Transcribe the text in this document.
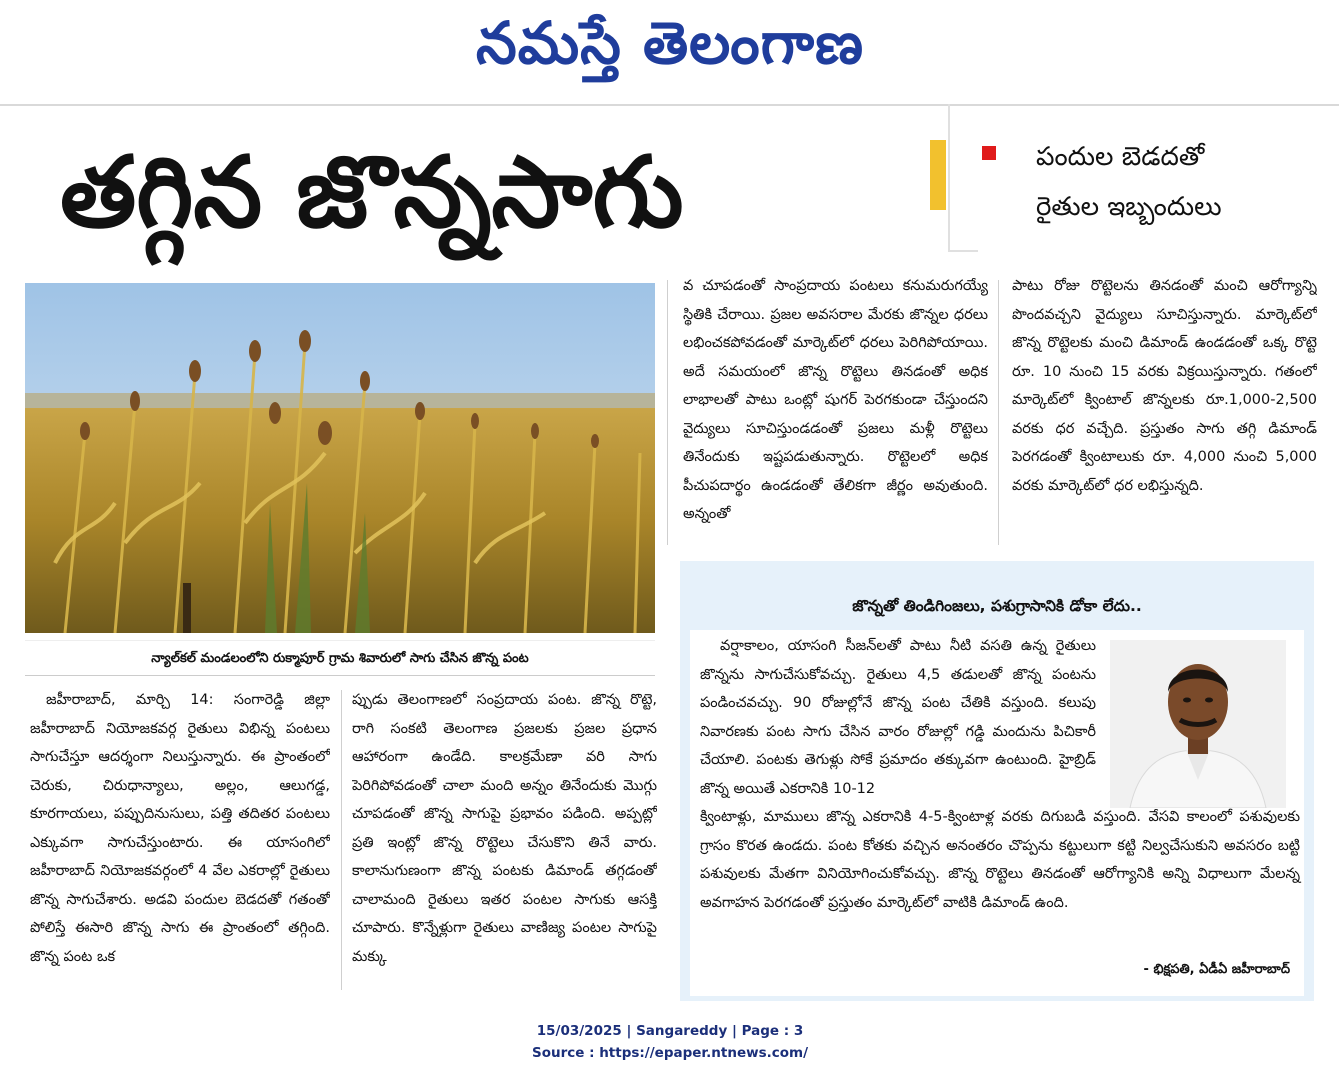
నమస్తే తెలంగాణ
తగ్గిన జొన్నసాగు	పందుల బెడదతో
రైతుల ఇబ్బందులు
న్యాల్‌కల్ మండలంలోని రుక్మాపూర్ గ్రామ శివారులో సాగు చేసిన జొన్న పంట

జహీరాబాద్, మార్చి 14: సంగారెడ్డి జిల్లా జహీరాబాద్ నియోజకవర్గ రైతులు విభిన్న పంటలు సాగుచేస్తూ ఆదర్శంగా నిలుస్తున్నారు. ఈ ప్రాంతంలో చెరుకు, చిరుధాన్యాలు, అల్లం, ఆలుగడ్డ, కూరగాయలు, పప్పుదినుసులు, పత్తి తదితర పంటలు ఎక్కువగా సాగుచేస్తుంటారు. ఈ యాసంగిలో జహీరాబాద్ నియోజకవర్గంలో 4 వేల ఎకరాల్లో రైతులు జొన్న సాగుచేశారు. అడవి పందుల బెడదతో గతంతో పోలిస్తే ఈసారి జొన్న సాగు ఈ ప్రాంతంలో తగ్గింది. జొన్న పంట ఒక

ప్పుడు తెలంగాణలో సంప్రదాయ పంట. జొన్న రొట్టె, రాగి సంకటి తెలంగాణ ప్రజలకు ప్రజల ప్రధాన ఆహారంగా ఉండేది. కాలక్రమేణా వరి సాగు పెరిగిపోవడంతో చాలా మంది అన్నం తినేందుకు మొగ్గు చూపడంతో జొన్న సాగుపై ప్రభావం పడింది. అప్పట్లో ప్రతి ఇంట్లో జొన్న రొట్టెలు చేసుకొని తినే వారు. కాలానుగుణంగా జొన్న పంటకు డిమాండ్ తగ్గడంతో చాలామంది రైతులు ఇతర పంటల సాగుకు ఆసక్తి చూపారు. కొన్నేళ్లుగా రైతులు వాణిజ్య పంటల సాగుపై మక్కు

వ చూపడంతో సాంప్రదాయ పంటలు కనుమరుగయ్యే స్థితికి చేరాయి. ప్రజల అవసరాల మేరకు జొన్నల ధరలు లభించకపోవడంతో మార్కెట్‌లో ధరలు పెరిగిపోయాయి. అదే సమయంలో జొన్న రొట్టెలు తినడంతో అధిక లాభాలతో పాటు ఒంట్లో షుగర్ పెరగకుండా చేస్తుందని వైద్యులు సూచిస్తుండడంతో ప్రజలు మళ్లీ రొట్టెలు తినేందుకు ఇష్టపడుతున్నారు. రొట్టెలలో అధిక పీచుపదార్థం ఉండడంతో తేలికగా జీర్ణం అవుతుంది. అన్నంతో

పాటు రోజు రొట్టెలను తినడంతో మంచి ఆరోగ్యాన్ని పొందవచ్చని వైద్యులు సూచిస్తున్నారు. మార్కెట్‌లో జొన్న రొట్టెలకు మంచి డిమాండ్ ఉండడంతో ఒక్క రొట్టె రూ. 10 నుంచి 15 వరకు విక్రయిస్తున్నారు. గతంలో మార్కెట్‌లో క్వింటాల్ జొన్నలకు రూ.1,000-2,500 వరకు ధర వచ్చేది. ప్రస్తుతం సాగు తగ్గి డిమాండ్ పెరగడంతో క్వింటాలుకు రూ. 4,000 నుంచి 5,000 వరకు మార్కెట్‌లో ధర లభిస్తున్నది.

జొన్నతో తిండిగింజలు, పశుగ్రాసానికి డోకా లేదు..

వర్షాకాలం, యాసంగి సీజన్‌లతో పాటు నీటి వసతి ఉన్న రైతులు జొన్నను సాగుచేసుకోవచ్చు. రైతులు 4,5 తడులతో జొన్న పంటను పండించవచ్చు. 90 రోజుల్లోనే జొన్న పంట చేతికి వస్తుంది. కలుపు నివారణకు పంట సాగు చేసిన వారం రోజుల్లో గడ్డి మందును పిచికారీ చేయాలి. పంటకు తెగుళ్లు సోకే ప్రమాదం తక్కువగా ఉంటుంది. హైబ్రిడ్ జొన్న అయితే ఎకరానికి 10-12

క్వింటాళ్లు, మాములు జొన్న ఎకరానికి 4-5-క్వింటాళ్ల వరకు దిగుబడి వస్తుంది. వేసవి కాలంలో పశువులకు గ్రాసం కొరత ఉండదు. పంట కోతకు వచ్చిన అనంతరం చొప్పను కట్టులుగా కట్టి నిల్వచేసుకుని అవసరం బట్టి పశువులకు మేతగా వినియోగించుకోవచ్చు. జొన్న రొట్టెలు తినడంతో ఆరోగ్యానికి అన్ని విధాలుగా మేలన్న అవగాహన పెరగడంతో ప్రస్తుతం మార్కెట్‌లో వాటికి డిమాండ్ ఉంది.

- భిక్షపతి, ఏడీఏ జహీరాబాద్
15/03/2025 | Sangareddy | Page : 3
Source : https://epaper.ntnews.com/
